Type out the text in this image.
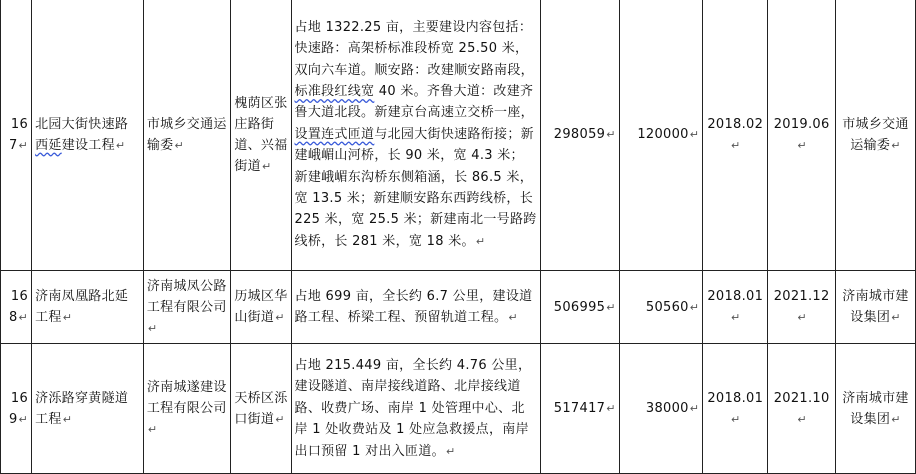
167↵	北园大街快速路西延建设工程↵	市城乡交通运输委↵	槐荫区张庄路街道、兴福街道↵	占地 1322.25 亩，主要建设内容包括：快速路：高架桥标准段桥宽 25.50 米，双向六车道。顺安路：改建顺安路南段，标准段红线宽 40 米。齐鲁大道：改建齐鲁大道北段。新建京台高速立交桥一座，设置连式匝道与北园大街快速路衔接；新建峨嵋山河桥，长 90 米，宽 4.3 米；新建峨嵋东沟桥东侧箱涵，长 86.5 米，宽 13.5 米；新建顺安路东西跨线桥，长 225 米，宽 25.5 米；新建南北一号路跨线桥，长 281 米，宽 18 米。↵	298059↵	120000↵	2018.02↵	2019.06↵	市城乡交通运输委↵
168↵	济南凤凰路北延工程↵	济南城凤公路工程有限公司↵	历城区华山街道↵	占地 699 亩，全长约 6.7 公里，建设道路工程、桥梁工程、预留轨道工程。↵	506995↵	50560↵	2018.01↵	2021.12↵	济南城市建设集团↵
169↵	济泺路穿黄隧道工程↵	济南城遂建设工程有限公司↵	天桥区泺口街道↵	占地 215.449 亩，全长约 4.76 公里，建设隧道、南岸接线道路、北岸接线道路、收费广场、南岸 1 处管理中心、北岸 1 处收费站及 1 处应急救援点，南岸出口预留 1 对出入匝道。↵	517417↵	38000↵	2018.01↵	2021.10↵	济南城市建设集团↵
